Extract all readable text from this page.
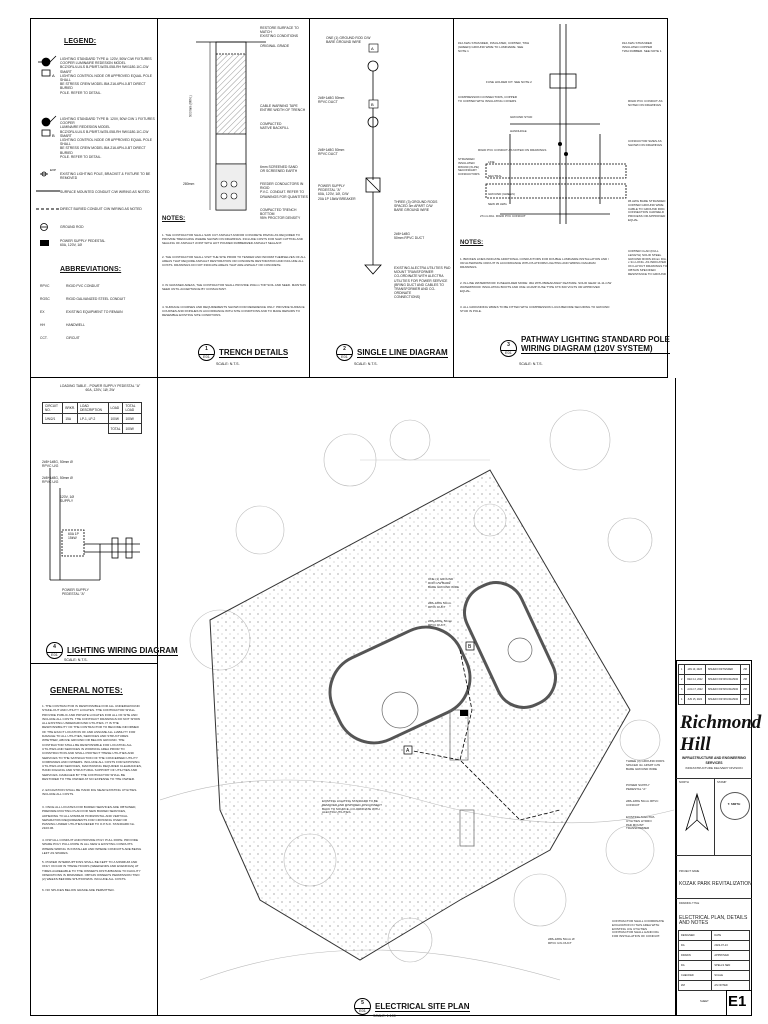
LEGEND:
A
B
EXP
LIGHTING STANDARD TYPE A: 120V, 50W C/W FIXTURES
COOPER LUMINAIRE REDESIGN MODEL
BCZ/ORL/LU/LS B-PB/RT-W/25-058-RH 9W/1180-1IC-CW SMART
LIGHTING CONTROL NODE OR APPROVED EQUAL POLE SHALL
BE STRESS CREW MODEL BM-216-6PN-0-BT DIRECT BURIED
POLE. REFER TO DETAIL.
LIGHTING STANDARD TYPE B: 120V, 50W C/W 1 FIXTURES COOPER
LUMINAIRE REDESIGN MODEL
BCZ/ORL/LU/LS B-PB/RT-W/25-058-RH 9W/1180-1IC-CW SMART
LIGHTING CONTROL NODE OR APPROVED EQUAL POLE SHALL
BE STRESS CREW MODEL BM-216-6PN-0-BT DIRECT BURIED
POLE. REFER TO DETAIL.
EXISTING LIGHTING POLE, BRACKET & FIXTURE TO BE REMOVED
SURFACE MOUNTED CONDUIT C/W WIRING AS NOTED
DIRECT BURIED CONDUIT C/W WIRING AS NOTED
GROUND ROD
POWER SUPPLY PEDESTAL
60A, 120V, 1Ø
ABBREVIATIONS:
RPVC	RIGID PVC CONDUIT
RGSC	RIGID GALVANIZED STEEL CONDUIT
EX	EXISTING EQUIPMENT TO REMAIN
HH	HANDWELL
CCT.	CIRCUIT
900mm (MIN.)
280mm
RESTORE SURFACE TO MATCH
EXISTING CONDITIONS
ORIGINAL GRADE
CABLE WARNING TAPE
ENTIRE WIDTH OF TRENCH
COMPACTED
NATIVE BACKFILL
6mm SCREENED SAND
OR SCREENED EARTH
FEEDER CONDUCTORS IN RIGID
P.V.C. CONDUIT. REFER TO
DRAWINGS FOR QUANTITIES
COMPACTED TRENCH BOTTOM
95% PROCTOR DENSITY
NOTES:
1. THE CONTRACTOR SHALL SAW CUT ASPHALT AND/OR CONCRETE PAVING AS REQUIRED TO
PROVIDE TRENCHING WHERE SHOWN ON DRAWINGS. INCLUDE COSTS FOR SAW CUTTING AND
SEALING OF ASPHALT JOINT WITH HOT POURED RUBBERIZED ASPHALT SEALANT.
2. THE CONTRACTOR SHALL VISIT THE SITE PRIOR TO TENDER AND INFORM THEMSELVES OF ALL
AREAS THAT REQUIRE ASPHALT RESTORATION OR CONCRETE RESTORATION AND INCLUDE ALL
COSTS. DRAWINGS DO NOT INDICATE AREAS THAT ARE ASPHALT OR CONCRETE.
3. IN GRASSED AREAS, THE CONTRACTOR SHALL PROVIDE 150mm TOP SOIL AND SEED. MAINTAIN
SEED UNTIL ACCEPTANCE BY CONSULTANT.
4. SURFACE COURSES AND REQUIREMENTS SHOWN FOR REFERENCE ONLY. PROVIDE SURFACE
COURSES AND FINISHES IN ACCORDANCE WITH SITE CONDITIONS AND TO MAKE REPAIRS TO
RESEMBLE EXISTING SITE CONDITIONS.
1
E01
TRENCH DETAILS
SCALE: N.T.S.
A
B
ONE (1) GROUND ROD C/W
BARE GROUND WIRE
2#8+1#8G 50mm
RPVC DUCT
2#8+1#8G 50mm
RPVC DUCT
POWER SUPPLY
PEDESTAL "A"
60A, 120V, 1Ø, C/W
20A 1P 15kW BREAKER
THREE (3) GROUND RODS
SPACED 3m APART C/W
BARE GROUND WIRE
2#8+1#8G
50mm RPVC DUCT
EXISTING ALECTRA UTILITIES PAD
MOUNT TRANSFORMER
CO-ORDINATE WITH ALECTRA
UTILITIES FOR POWER SERVICE
(BRING DUCT AND CABLES TO
TRANSFORMER AND CO-ORDINATE
CONNECTIONS)
2
E01
SINGLE LINE DIAGRAM
SCALE: N.T.S.
#12 AWG STRANDED, INSULATED, COPPER, TWH
(GREEN) GROUND WIRE TO LUMINAIRE. SEE
NOTE 1
FUSE HOLDER KIT. SEE NOTE 2
COMPRESSION CONNECTORS, COPPER
TO COPPER WITH INSULATING COVERS
GROUND STUD
HANDHOLE
RIGID PVC CONDUIT AS NOTED ON DRAWINGS
STRANDED
INSULATED
RWU90 (XLPE)
SECONDARY
CONDUCTORS
LINE
NEUTRAL
GROUND (GREEN)
NEW #6 AWG
27mm DIA. RIGID PVC CONDUIT
#12 AWG STRANDED
INSULATED COPPER
TWH RUBBER. SEE NOTE 1
RIGID PVC CONDUIT AS
NOTED ON DRAWINGS
CONDUCTOR SIZES AS
SHOWN ON DRAWINGS
#6 AWG BARE STRANDED
COPPER GROUND WIRE
CABLE TO GROUND ROD.
CONNECTION CADWELD
PROCESS OR APPROVED
EQUAL
COPPER CLAD (FULL
LENGTH) SOLID STEEL
GROUND RODS 20mm DIA.
x 3m LONG. AS INDICATED
ON LAYOUT DRAWINGS TO
OBTAIN SPECIFIED
RESISTANCE TO GROUND
NOTES:
1. BROKEN LINES INDICATE ADDITIONAL CONDUCTORS FOR DOUBLE LUMINAIRE INSTALLATION AND /
OR ALTERNATE CIRCUIT IN ACCORDANCE WITH PLATFORM LIGHTING AND WIRING DIAGRAM
DRAWINGS.
2. IN-LINE WATERPROOF FUSEHOLDER MODE: 30A WITH BREAKAWAY FEATURE. SOLID GEAR 11-11-C/W
WATERPROOF INSULATING BOOTS AND ONE 10 AMP FUSE TYPE KTK 600 VOLTS OR APPROVED
EQUAL.
3. ALL GROUNDING WIRES TO BE FITTED WITH COMPRESSION LUGS BEFORE SECURING TO GROUND
STUD IN POLE.
3
E01
PATHWAY LIGHTING STANDARD POLE
WIRING DIAGRAM (120V SYSTEM)
SCALE: N.T.S.
LOADING TABLE - POWER SUPPLY PEDESTAL "A"
60A, 120V, 1Ø, 2W
CIRCUIT NO.	BRKR.	LOAD DESCRIPTION	LOAD	TOTAL LOAD
1/N/2/1	15A	LP-1, LP-2	100W	100W
			TOTAL	100W
2#8+1#8G, 50mm Ø
RPVC U/G
2#8+1#8G, 50mm Ø
RPVC U/G
120V, 1Ø
SUPPLY
60A 1P
15kW
POWER SUPPLY
PEDESTAL "A"
4
E01
LIGHTING WIRING DIAGRAM
SCALE: N.T.S.
GENERAL NOTES:
1. THE CONTRACTOR IS RESPONSIBLE FOR ALL UNDERGROUND
STAKE-OUT AND UTILITY LOCATES. THE CONTRACTOR SHALL
PROVIDE PUBLIC AND PRIVATE LOCATES FOR ALL OF SITE AND
INCLUDE ALL COSTS. THE CONTRACT DRAWINGS DO NOT SHOW
ALL EXISTING UNDERGROUND UTILITIES. IT IS THE
RESPONSIBILITY OF THE CONTRACTOR TO BECOME INFORMED
OF THE EXACT LOCATION OF AND ASSUME ALL LIABILITY FOR
DAMAGE TO ALL UTILITIES, SERVICES AND STRUCTURES
WHETHER, ABOVE GROUND OR BELOW GROUND. THE
CONTRACTOR SHALL BE RESPONSIBLE FOR LOCATING ALL
UTILITIES AND SERVICES IN WORKING AREA PRIOR TO
CONSTRUCTION AND SHALL PROTECT THESE UTILITIES AND
SERVICES TO THE SATISFACTION OF THE CONCERNED UTILITY
COMPANIES AND OWNERS. INCLUDE ALL COSTS FOR EXPOSING
UTILITIES AND SERVICES, MAINTAINING REQUIRED CLEARANCES,
HAND DIGGING AND STRUCTURAL SUPPORT OF UTILITIES AND
SERVICES. DAMAGED BY THE CONTRACTOR SHALL BE
RESTORED TO THE OWNER AT NO EXPENSE TO THE OWNER.
2. EXCAVATION SHALL BE HAND DIG NEAR EXISTING UTILITIES.
INCLUDE ALL COSTS.
3. ONCE ALL LOCATES FOR BURIED SERVICES ARE OBTAINED,
PREPARE ROUTING PLAN FOR NEW BURIED SERVICES,
ADHERING TO ALL MINIMUM HORIZONTAL AND VERTICAL
SEPARATION REQUIREMENTS FOR CROSSING OVER OR
PASSING UNDER UTILITIES REFER TO O.P.S.D. STANDARD No.
2103.06.
4. FISH ALL CONDUIT AND PROVIDE POLY PULL ROPE. PROVIDE
SPARE POLY PULL ROPE IN ALL NEW & EXISTING CONDUITS
WHERE WIRING IS INSTALLED AND WHERE CONDUITS ARE BEING
LEFT AS SPARES.
5. POWER INTERRUPTIONS SHALL BE KEPT TO A MINIMUM AND
ONLY OCCUR IN THESE HOURS (WEEKENDS AND EVENINGS) AT
TIMES AGREEABLE TO THE OWNER'S DISTURBANCE TO FACILITY
OPERATIONS IS MINIMIZED. OBTAIN OWNER'S PERMISSION TWO
(2) WEEKS BEFORE SHUTDOWNS. INCLUDE ALL COSTS.
6. NO SPLICES BELOW GRADE ARE PERMITTED.
A
B
ONE (1) GROUND
ROD C/W BARE
BARE GROUND WIRE
2#8+1#8G 50mm
RPVC DUCT
2#8+1#8G, 50mm
RPVC DUCT
EXISTING LIGHTING STANDARD TO BE
REMOVED AND DISPOSED. DISCONNECT
BACK TO SOURCE. CO-ORDINATE WITH
ALECTRA UTILITIES.
THREE (3) GROUND RODS
SPACED 3m APART C/W
BARE GROUND WIRE
POWER SUPPLY
PEDESTAL "A"
2#8+1#8G 50mm RPVC
CONDUIT
EXISTING ALECTRA
UTILITIES HYDRO
PAD MOUNT
TRANSFORMER
CONTRACTOR SHALL COORDINATE
EXCAVATION IN THIS AREA WITH
EXISTING U/G UTILITIES
CONTRACTOR SHALL HAND DIG
FOR INSTALLATION OF CONDUIT.
2#8+1#8G 50mm Ø
RPVC U/G DUCT
5
E01
ELECTRICAL SITE PLAN
SCALE: 1:100
1	JAN 10, 2023	ISSUED FOR TENDER	ZM
2	DEC 14, 2022	ISSUED FOR 90% REVIEW	ZM
3	AUG 17, 2022	ISSUED FOR 60% REVIEW	ZM
4	JUN 15, 2022	ISSUED FOR 30% REVIEW	ZM
Richmond Hill
INFRASTRUCTURE AND ENGINEERING SERVICES
INFRASTRUCTURE DELIVERY DIVISION
NORTH	STAMP
T. SMITH
PROJECT NAME
KOZAK PARK REVITALIZATION
DRAWING TITLE
ELECTRICAL PLAN, DETAILS AND NOTES
DESIGNED	DATE
DA	2022-07-13
DRAWN	APPROVED
DA	SPELLS SEN
CHECKED	SCALE
ZM	AS NOTED
SHEET E1
